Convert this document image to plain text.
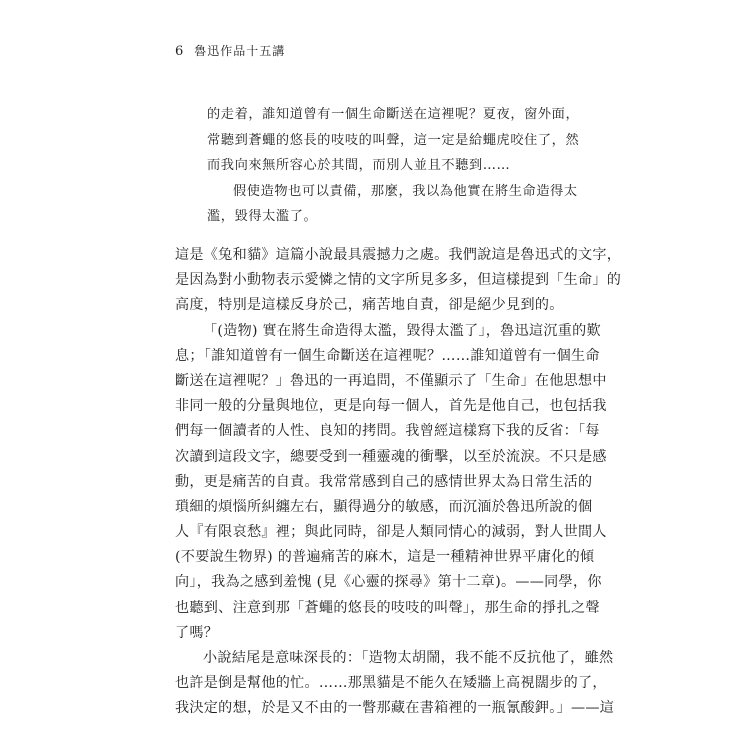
6 魯迅作品十五講
的走着，誰知道曾有一個生命斷送在這裡呢？夏夜，窗外面，
常聽到蒼蠅的悠長的吱吱的叫聲，這一定是給蠅虎咬住了，然
而我向來無所容心於其間，而別人並且不聽到……
假使造物也可以責備，那麼，我以為他實在將生命造得太
濫，毀得太濫了。
這是《兔和貓》這篇小說最具震撼力之處。我們說這是魯迅式的文字，
是因為對小動物表示愛憐之情的文字所見多多，但這樣提到「生命」的
高度，特別是這樣反身於己，痛苦地自責，卻是絕少見到的。
「(造物) 實在將生命造得太濫，毀得太濫了」，魯迅這沉重的歎
息；「誰知道曾有一個生命斷送在這裡呢？……誰知道曾有一個生命
斷送在這裡呢？」魯迅的一再追問，不僅顯示了「生命」在他思想中
非同一般的分量與地位，更是向每一個人，首先是他自己，也包括我
們每一個讀者的人性、良知的拷問。我曾經這樣寫下我的反省：「每
次讀到這段文字，總要受到一種靈魂的衝擊，以至於流淚。不只是感
動，更是痛苦的自責。我常常感到自己的感情世界太為日常生活的
瑣細的煩惱所糾纏左右，顯得過分的敏感，而沉湎於魯迅所說的個
人『有限哀愁』裡；與此同時，卻是人類同情心的減弱，對人世間人
(不要說生物界) 的普遍痛苦的麻木，這是一種精神世界平庸化的傾
向」，我為之感到羞愧 (見《心靈的探尋》第十二章)。——同學，你
也聽到、注意到那「蒼蠅的悠長的吱吱的叫聲」，那生命的掙扎之聲
了嗎？
小說結尾是意味深長的：「造物太胡鬧，我不能不反抗他了，雖然
也許是倒是幫他的忙。……那黑貓是不能久在矮牆上高視闊步的了，
我決定的想，於是又不由的一瞥那藏在書箱裡的一瓶氰酸鉀。」——這
